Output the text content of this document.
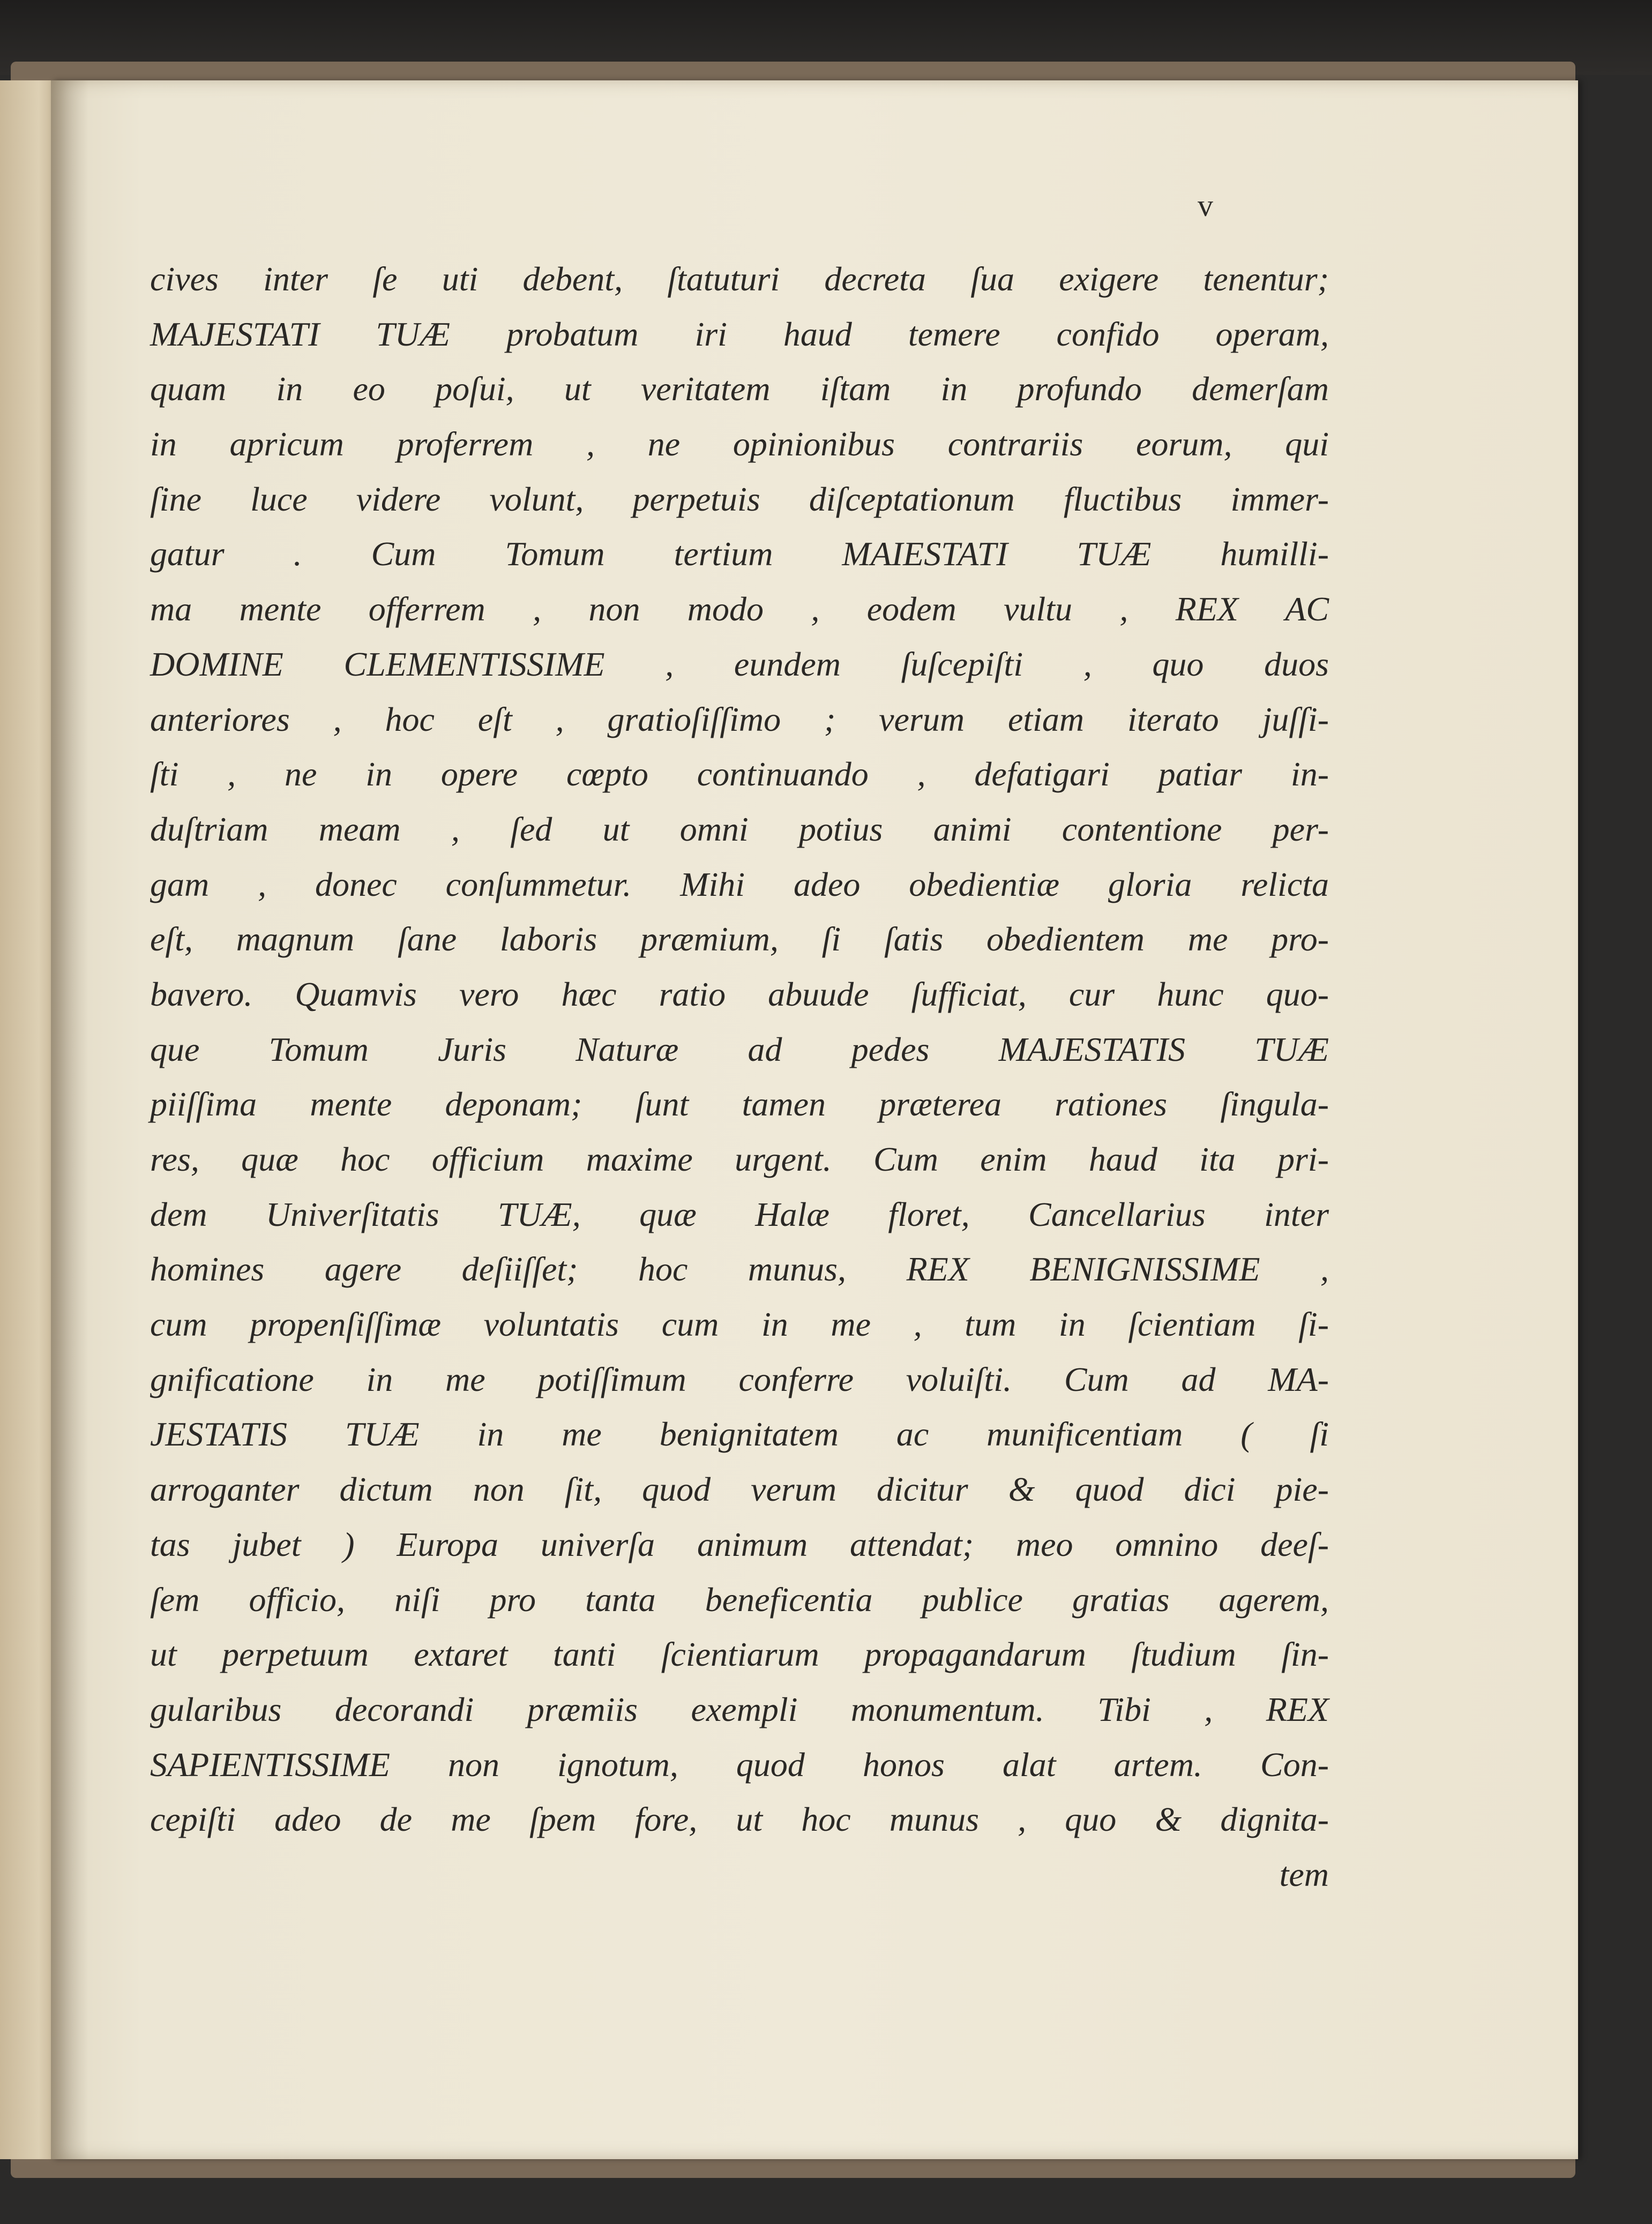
v
cives inter ſe uti debent, ſtatuturi decreta ſua exigere tenentur;
MAJESTATI TUÆ probatum iri haud temere confido operam,
quam in eo poſui, ut veritatem iſtam in profundo demerſam
in apricum proferrem , ne opinionibus contrariis eorum, qui
ſine luce videre volunt, perpetuis diſceptationum fluctibus immer-
gatur . Cum Tomum tertium MAIESTATI TUÆ humilli-
ma mente offerrem , non modo , eodem vultu , REX AC
DOMINE CLEMENTISSIME , eundem ſuſcepiſti , quo duos
anteriores , hoc eſt , gratioſiſſimo ; verum etiam iterato juſſi-
ſti , ne in opere cœpto continuando , defatigari patiar in-
duſtriam meam , ſed ut omni potius animi contentione per-
gam , donec conſummetur. Mihi adeo obedientiæ gloria relicta
eſt, magnum ſane laboris præmium, ſi ſatis obedientem me pro-
bavero. Quamvis vero hæc ratio abuude ſufficiat, cur hunc quo-
que Tomum Juris Naturæ ad pedes MAJESTATIS TUÆ
piiſſima mente deponam; ſunt tamen præterea rationes ſingula-
res, quæ hoc officium maxime urgent. Cum enim haud ita pri-
dem Univerſitatis TUÆ, quæ Halæ floret, Cancellarius inter
homines agere deſiiſſet; hoc munus, REX BENIGNISSIME ,
cum propenſiſſimæ voluntatis cum in me , tum in ſcientiam ſi-
gnificatione in me potiſſimum conferre voluiſti. Cum ad MA-
JESTATIS TUÆ in me benignitatem ac munificentiam ( ſi
arroganter dictum non ſit, quod verum dicitur & quod dici pie-
tas jubet ) Europa univerſa animum attendat; meo omnino deeſ-
ſem officio, niſi pro tanta beneficentia publice gratias agerem,
ut perpetuum extaret tanti ſcientiarum propagandarum ſtudium ſin-
gularibus decorandi præmiis exempli monumentum. Tibi , REX
SAPIENTISSIME non ignotum, quod honos alat artem. Con-
cepiſti adeo de me ſpem fore, ut hoc munus , quo & dignita-
tem
